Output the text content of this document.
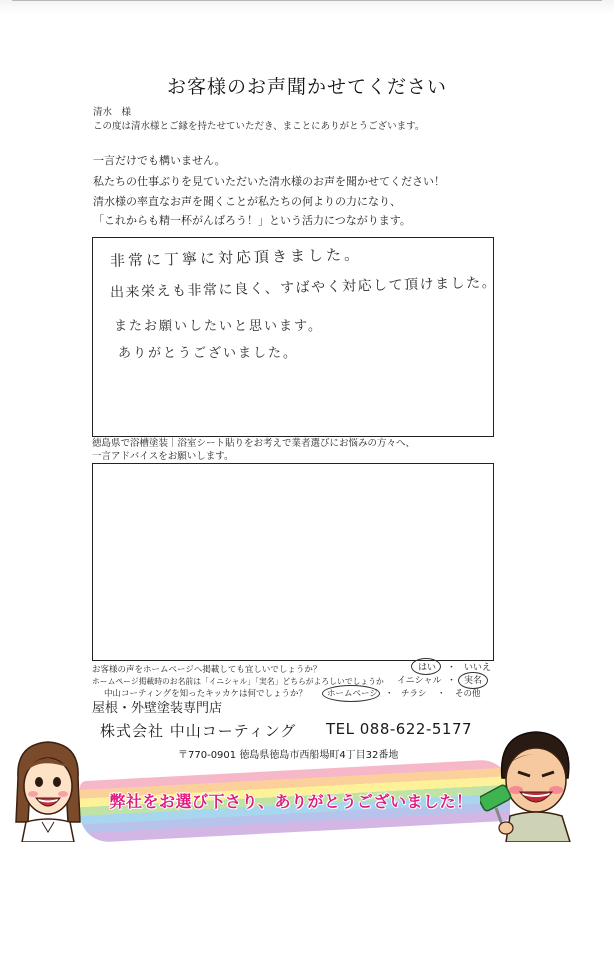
お客様のお声聞かせてください
清水　様
この度は清水様とご縁を持たせていただき、まことにありがとうございます。
一言だけでも構いません。
私たちの仕事ぶりを見ていただいた清水様のお声を聞かせてください！
清水様の率直なお声を聞くことが私たちの何よりの力になり、
「これからも精一杯がんばろう！」という活力につながります。
非常に丁寧に対応頂きました。
出来栄えも非常に良く、すばやく対応して頂けました。
またお願いしたいと思います。
ありがとうございました。
徳島県で浴槽塗装｜浴室シート貼りをお考えで業者選びにお悩みの方々へ、
一言アドバイスをお願いします。
お客様の声をホームページへ掲載しても宜しいでしょうか？	はい ・ いいえ
ホームページ掲載時のお名前は「イニシャル」「実名」どちらがよろしいでしょうか イニシャル ・ 実名
中山コーティングを知ったキッカケは何でしょうか？ ホームページ ・ チラシ ・ その他
屋根・外壁塗装専門店
株式会社 中山コーティング TEL 088-622-5177
〒770-0901 徳島県徳島市西船場町4丁目32番地
弊社をお選び下さり、ありがとうございました！
